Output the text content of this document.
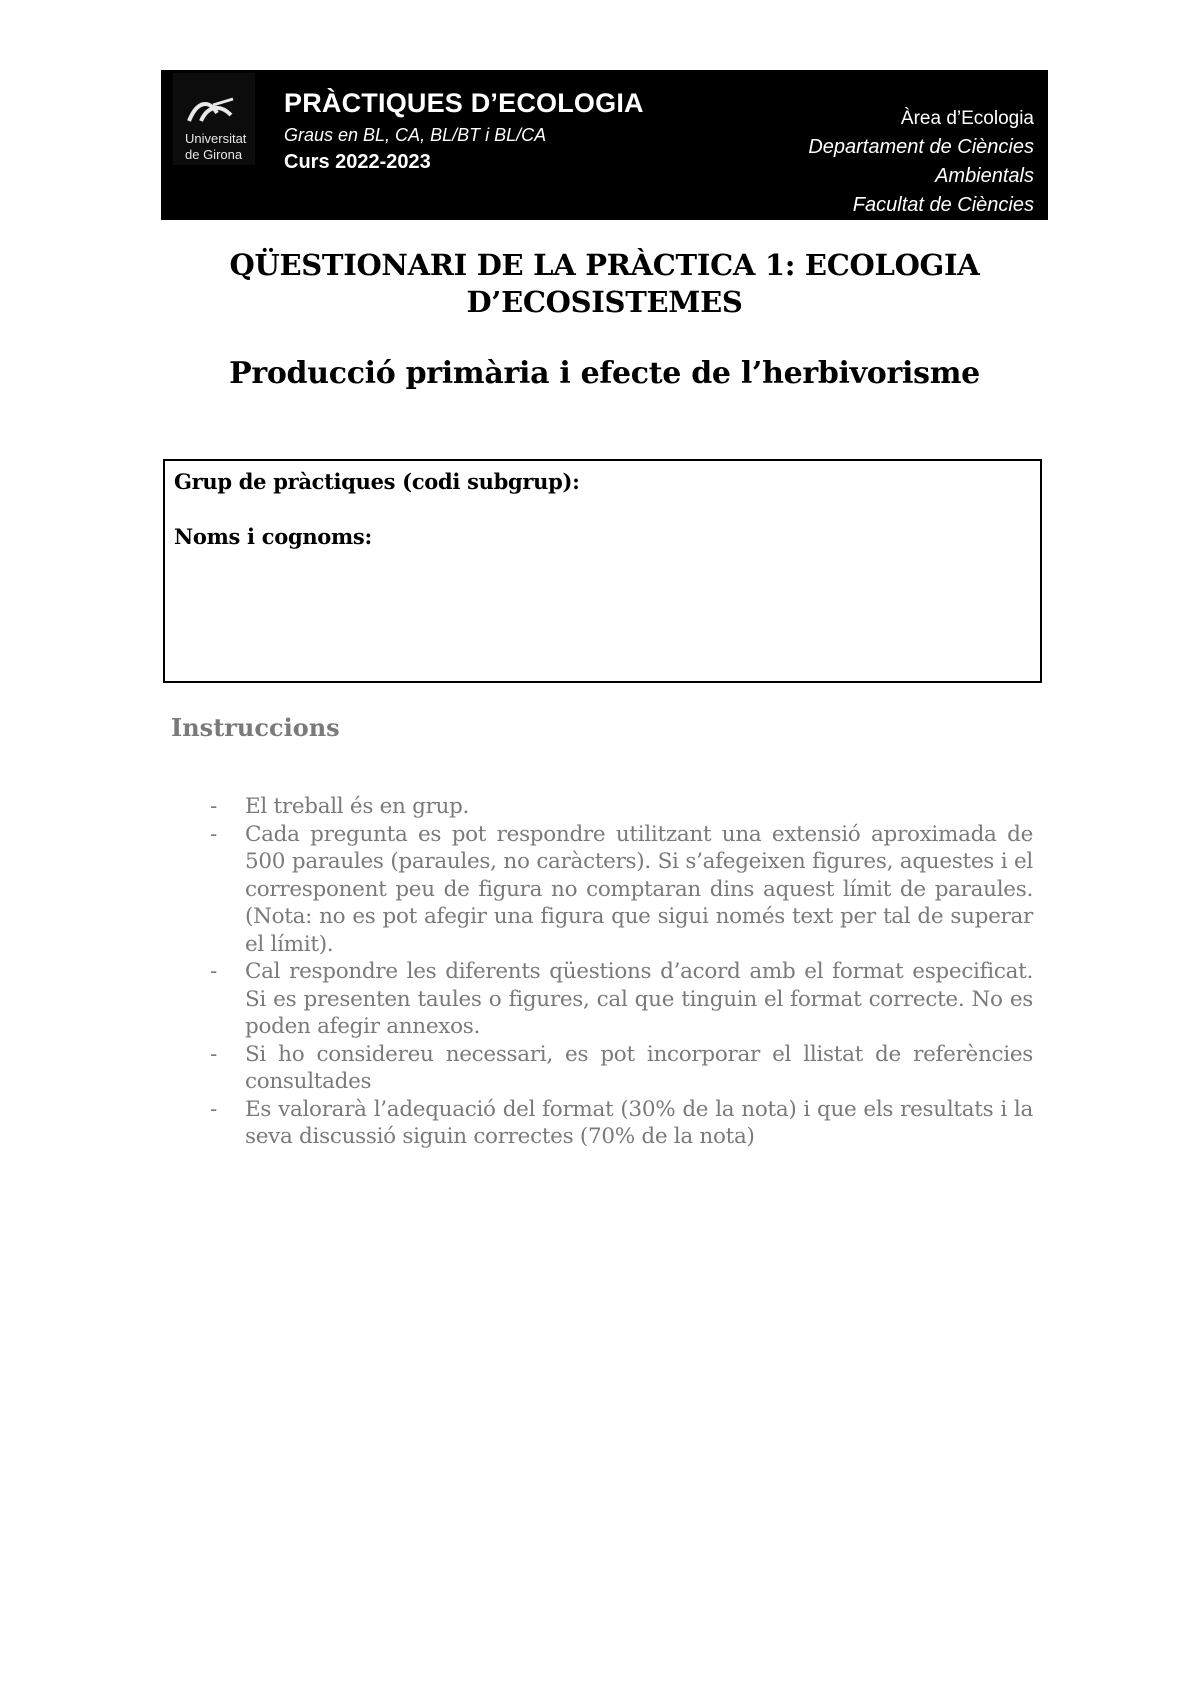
Universitat
de Girona
PRÀCTIQUES D’ECOLOGIA
Graus en BL, CA, BL/BT i BL/CA
Curs 2022-2023
Àrea d’Ecologia
Departament de Ciències
Ambientals
Facultat de Ciències
QÜESTIONARI DE LA PRÀCTICA 1: ECOLOGIA
D’ECOSISTEMES
Producció primària i efecte de l’herbivorisme
Grup de pràctiques (codi subgrup):
Noms i cognoms:
Instruccions
- El treball és en grup.
- Cada pregunta es pot respondre utilitzant una extensió aproximada de 500 paraules (paraules, no caràcters). Si s’afegeixen figures, aquestes i el corresponent peu de figura no comptaran dins aquest límit de paraules. (Nota: no es pot afegir una figura que sigui només text per tal de superar el límit).
- Cal respondre les diferents qüestions d’acord amb el format especificat. Si es presenten taules o figures, cal que tinguin el format correcte. No es poden afegir annexos.
- Si ho considereu necessari, es pot incorporar el llistat de referències consultades
- Es valorarà l’adequació del format (30% de la nota) i que els resultats i la seva discussió siguin correctes (70% de la nota)
